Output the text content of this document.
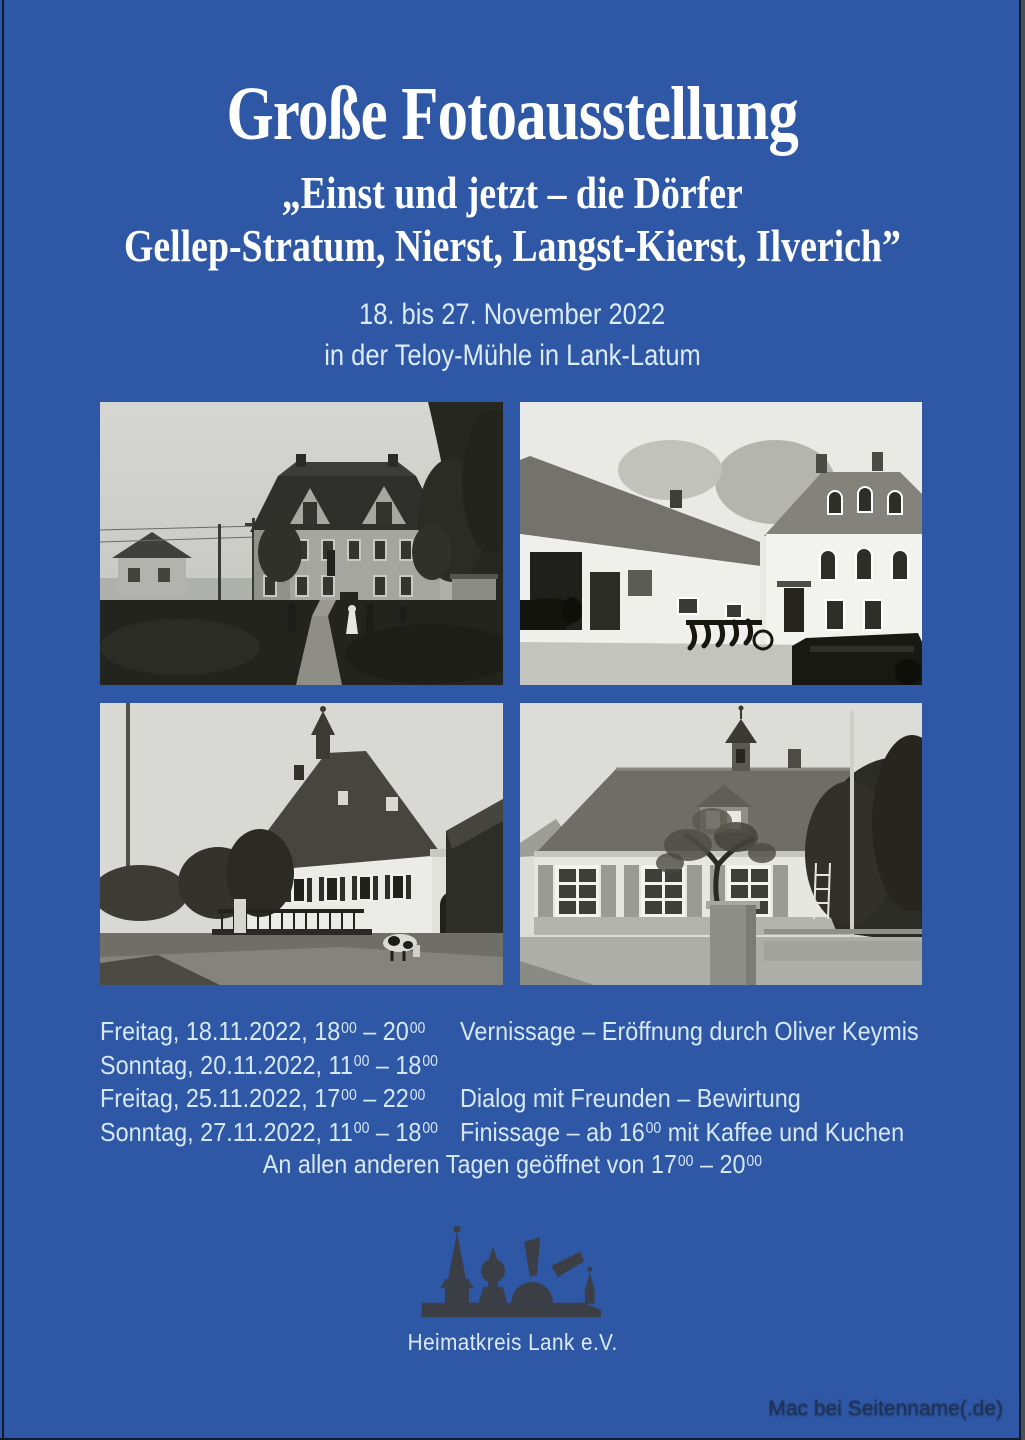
Große Fotoausstellung
„Einst und jetzt – die Dörfer
Gellep-Stratum, Nierst, Langst-Kierst, Ilverich”
18. bis 27. November 2022
in der Teloy-Mühle in Lank-Latum
Freitag, 18.11.2022, $18^{00} - 20^{00}$	Vernissage – Eröffnung durch Oliver Keymis
Sonntag, 20.11.2022, $11^{00} - 18^{00}$
Freitag, 25.11.2022, $17^{00} - 22^{00}$	Dialog mit Freunden – Bewirtung
Sonntag, 27.11.2022, $11^{00} - 18^{00}$ Finissage – ab $16^{00}$ mit Kaffee und Kuchen
An allen anderen Tagen geöffnet von $17^{00} - 20^{00}$
Heimatkreis Lank e.V.
Mac bei Seitenname(.de)
